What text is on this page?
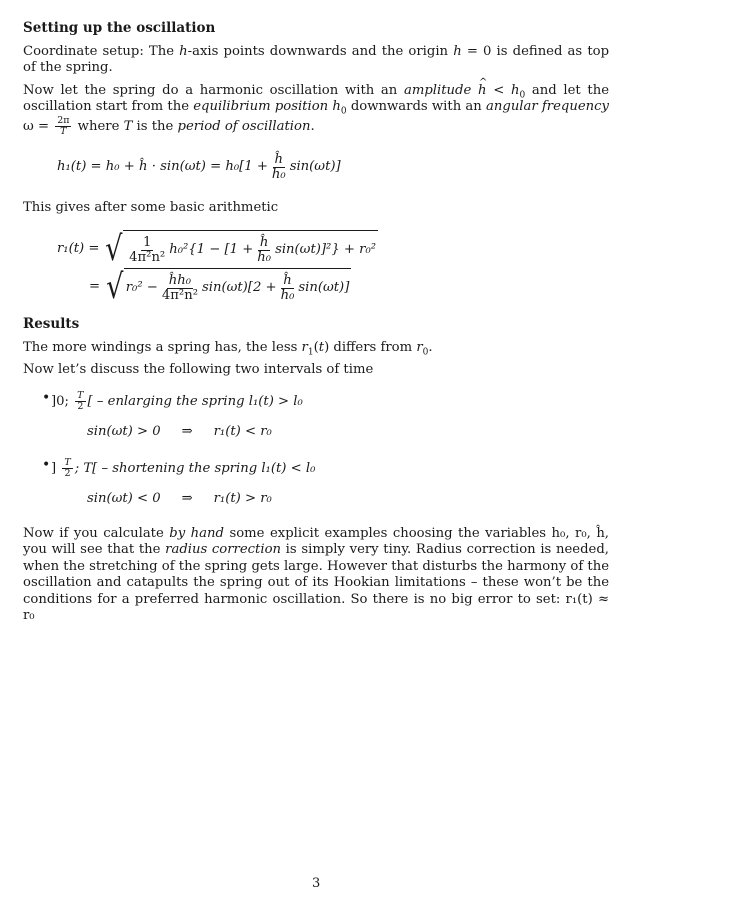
Setting up the oscillation

Coordinate setup: The h-axis points downwards and the origin h = 0 is defined as top of the spring.

Now let the spring do a harmonic oscillation with an amplitude ^ $h < h_0$ and let the oscillation start from the equilibrium position $h_0$ downwards with an angular frequency $\omega = \frac{2\pi}{T}$ where T is the period of oscillation.

h₁(t) = h₀ + ĥ · $\sin(\omega t) = h_0[1 + \frac{ĥ}{\text{h₀}} \sin(\omega t)]$

This gives after some basic arithmetic

r₁(t) = √ $\frac{1}{\text{4π²n²}} h_0^2\{1 - [1 + \frac{ĥ}{\text{h₀}} \sin(\omega t)]^2\} + r_0^2$
= √ $r_0^2 - \frac{\text{ĥh₀}}{\text{4π²n²}} \sin(\omega t)[2 + \frac{ĥ}{\text{h₀}} \sin(\omega t)]$
Results

The more windings a spring has, the less $r_1(t)$ differs from $r_0$.

Now let’s discuss the following two intervals of time

• ]0; $\frac{T}{2}$ [ – enlarging the spring l₁(t) > l₀
sin(ωt) > 0     ⇒     r₁(t) < r₀
• ] $\frac{T}{2}$ ; T[ – shortening the spring l₁(t) < l₀
sin(ωt) < 0     ⇒     r₁(t) > r₀

Now if you calculate by hand some explicit examples choosing the variables h₀, r₀, ĥ, you will see that the radius correction is simply very tiny. Radius correction is needed, when the stretching of the spring gets large. However that disturbs the harmony of the oscillation and catapults the spring out of its Hookian limitations – these won’t be the conditions for a preferred harmonic oscillation. So there is no big error to set: r₁(t) ≈ r₀

3
